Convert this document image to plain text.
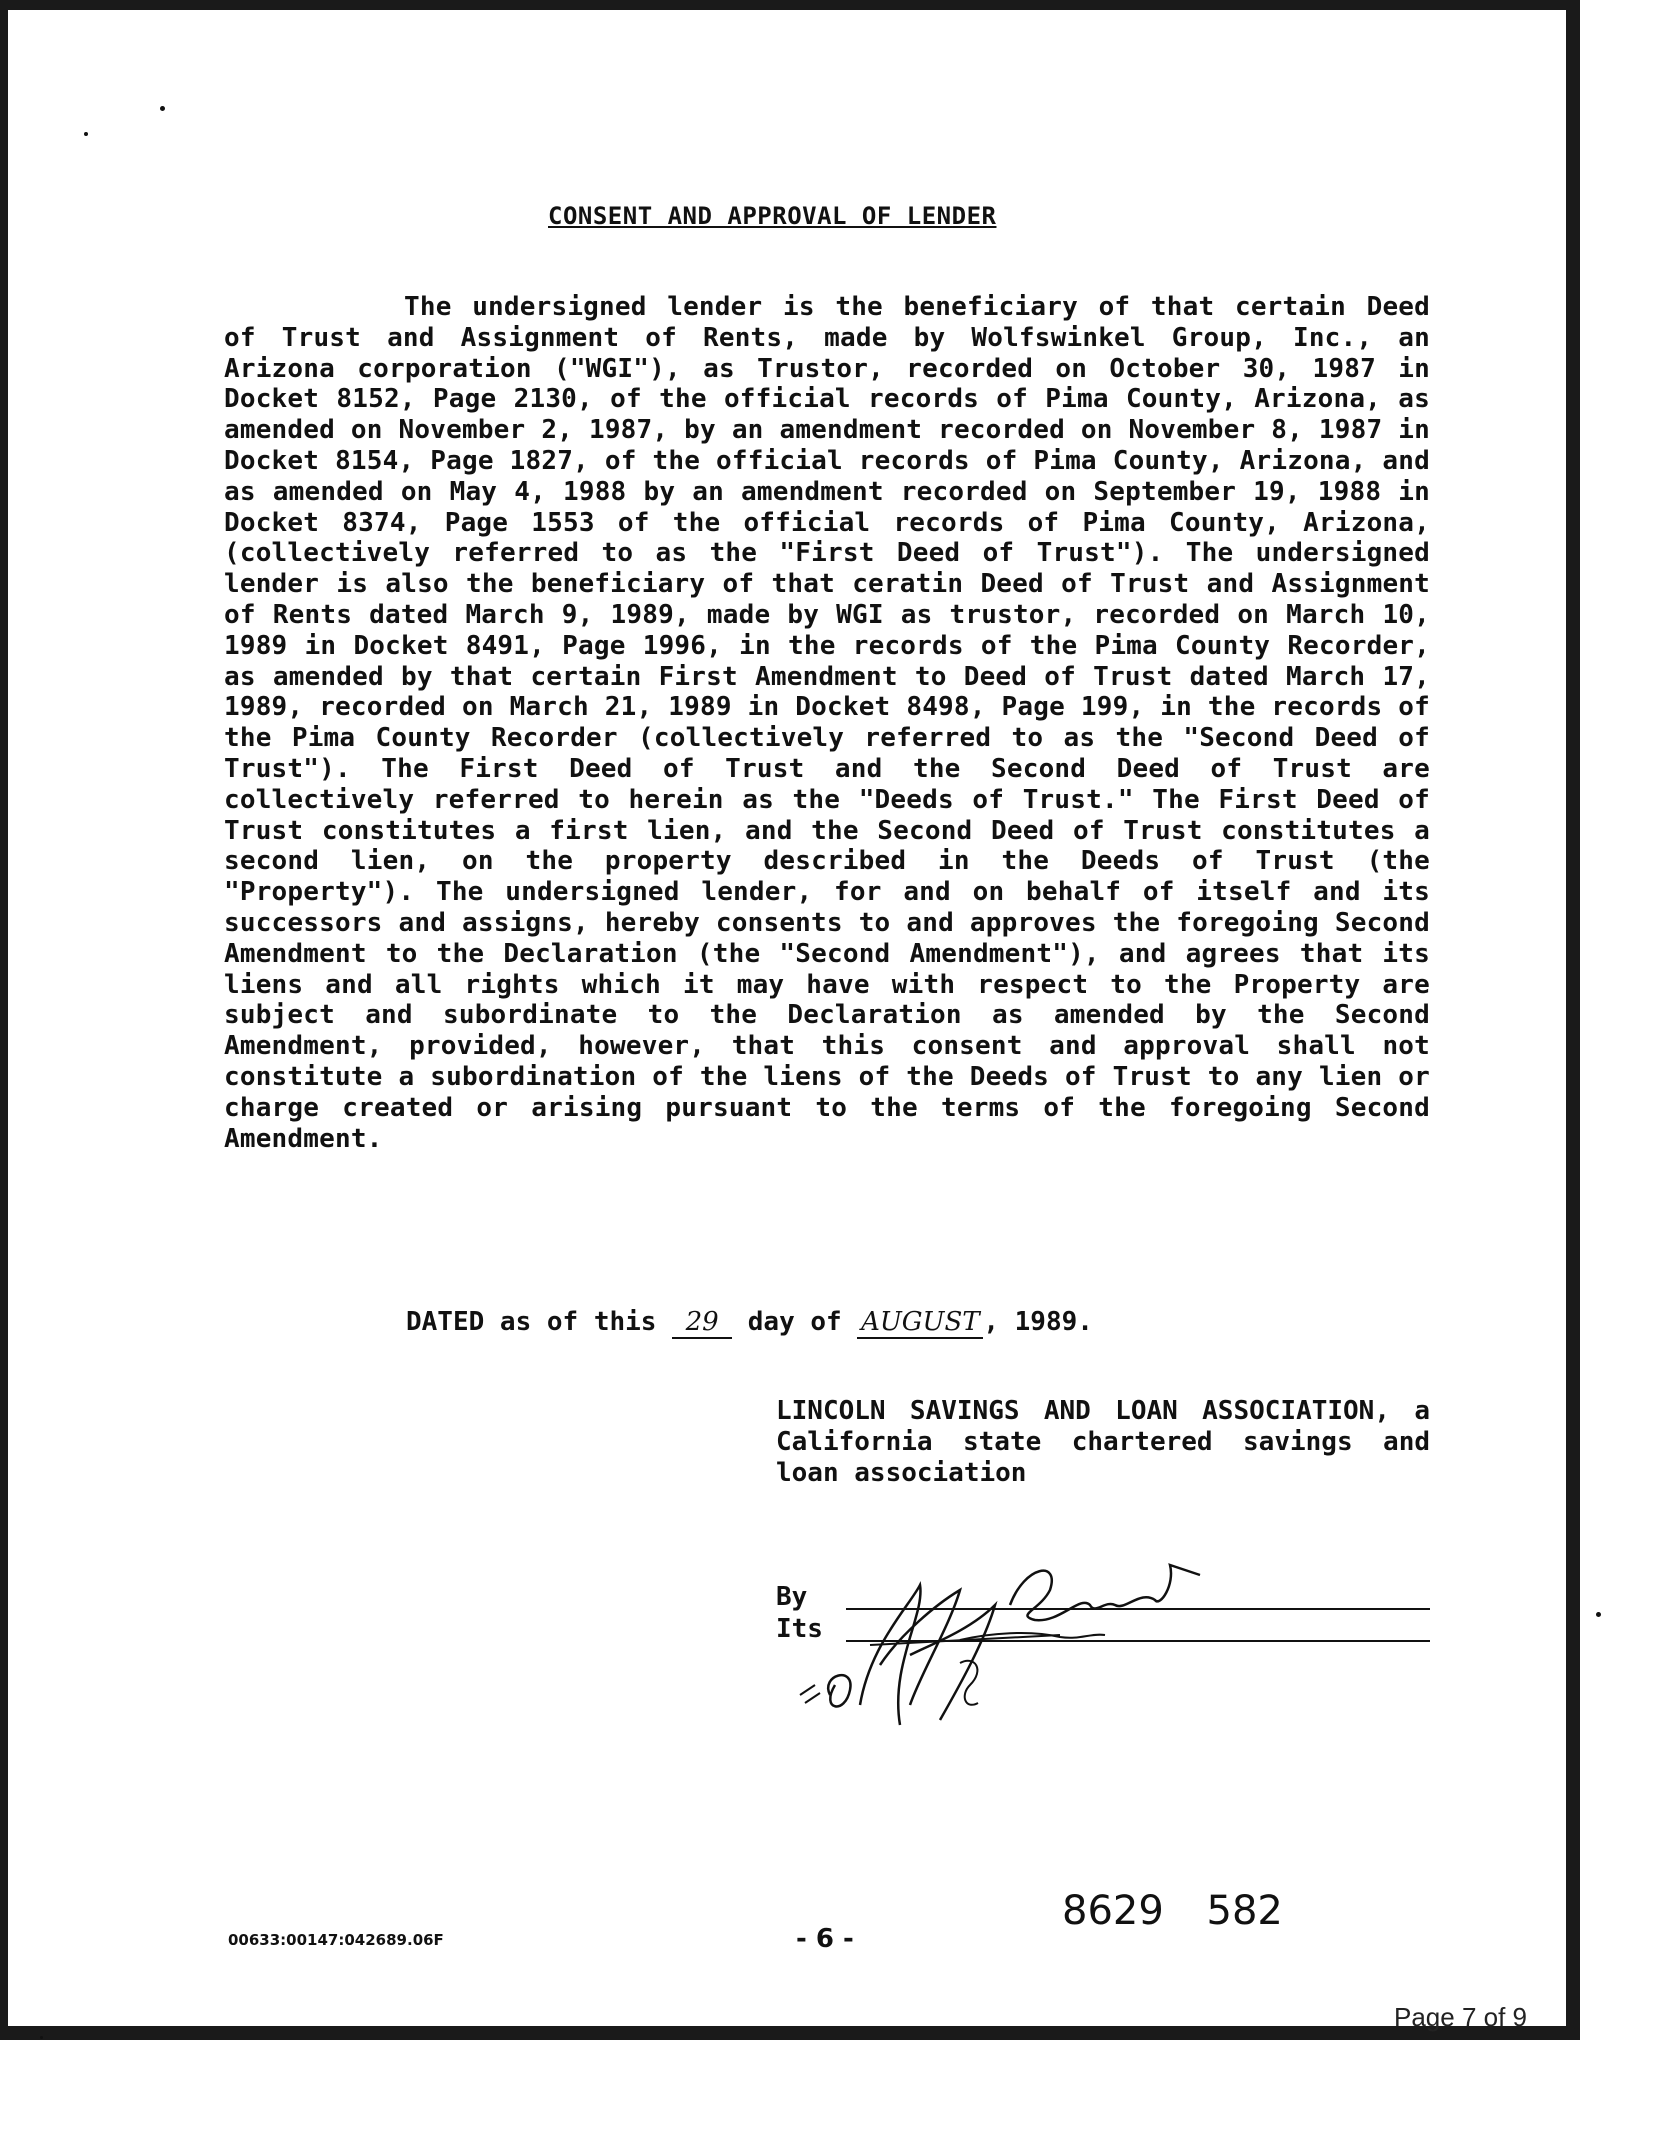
CONSENT AND APPROVAL OF LENDER
The undersigned lender is the beneficiary of that certain Deed of Trust and Assignment of Rents, made by Wolfswinkel Group, Inc., an Arizona corporation ("WGI"), as Trustor, recorded on October 30, 1987 in Docket 8152, Page 2130, of the official records of Pima County, Arizona, as amended on November 2, 1987, by an amendment recorded on November 8, 1987 in Docket 8154, Page 1827, of the official records of Pima County, Arizona, and as amended on May 4, 1988 by an amendment recorded on September 19, 1988 in Docket 8374, Page 1553 of the official records of Pima County, Arizona, (collectively referred to as the "First Deed of Trust"). The undersigned lender is also the beneficiary of that ceratin Deed of Trust and Assignment of Rents dated March 9, 1989, made by WGI as trustor, recorded on March 10, 1989 in Docket 8491, Page 1996, in the records of the Pima County Recorder, as amended by that certain First Amendment to Deed of Trust dated March 17, 1989, recorded on March 21, 1989 in Docket 8498, Page 199, in the records of the Pima County Recorder (collectively referred to as the "Second Deed of Trust"). The First Deed of Trust and the Second Deed of Trust are collectively referred to herein as the "Deeds of Trust." The First Deed of Trust constitutes a first lien, and the Second Deed of Trust constitutes a second lien, on the property described in the Deeds of Trust (the "Property"). The undersigned lender, for and on behalf of itself and its successors and assigns, hereby consents to and approves the foregoing Second Amendment to the Declaration (the "Second Amendment"), and agrees that its liens and all rights which it may have with respect to the Property are subject and subordinate to the Declaration as amended by the Second Amendment, provided, however, that this consent and approval shall not constitute a subordination of the liens of the Deeds of Trust to any lien or charge created or arising pursuant to the terms of the foregoing Second Amendment.
DATED as of this 29 day of AUGUST , 1989.
LINCOLN SAVINGS AND LOAN ASSOCIATION, a California state chartered savings and loan association
By
Its
00633:00147:042689.06F	- 6 -
8629 582
Page 7 of 9
